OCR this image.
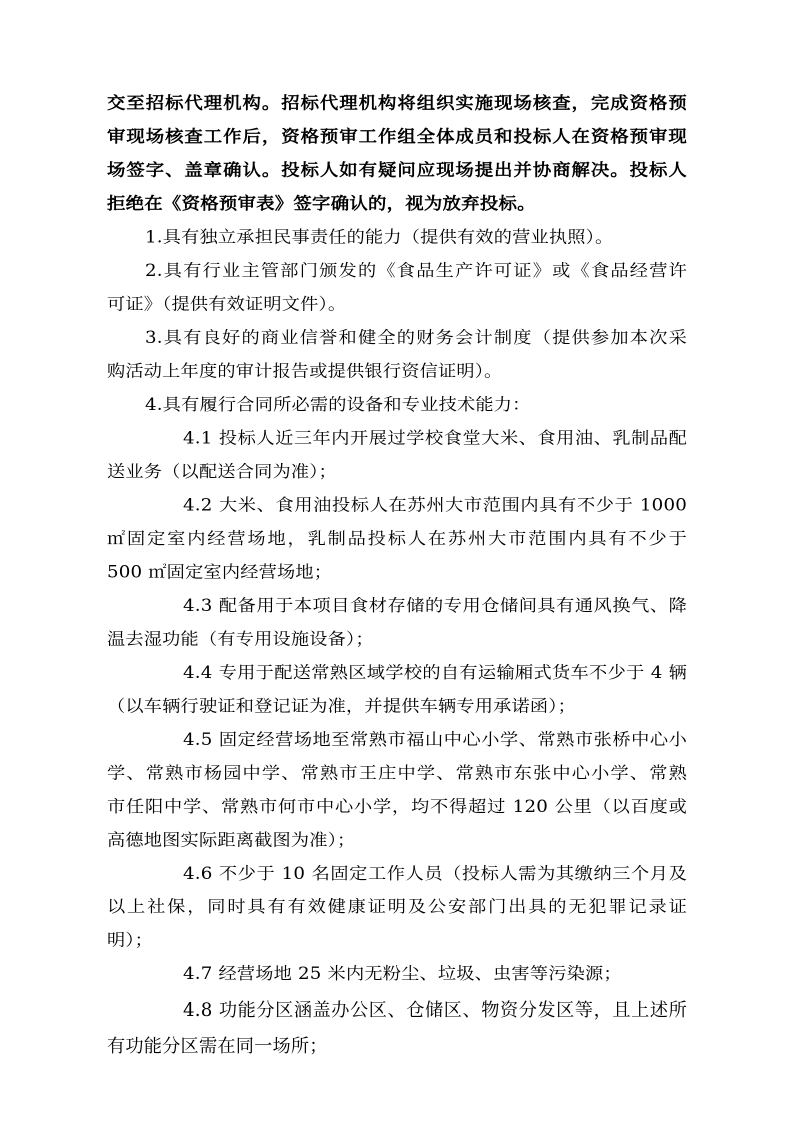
交至招标代理机构。招标代理机构将组织实施现场核查，完成资格预

审现场核查工作后，资格预审工作组全体成员和投标人在资格预审现

场签字、盖章确认。投标人如有疑问应现场提出并协商解决。投标人

拒绝在《资格预审表》签字确认的，视为放弃投标。

1.具有独立承担民事责任的能力（提供有效的营业执照）。

2.具有行业主管部门颁发的《食品生产许可证》或《食品经营许

可证》（提供有效证明文件）。

3.具有良好的商业信誉和健全的财务会计制度（提供参加本次采

购活动上年度的审计报告或提供银行资信证明）。

4.具有履行合同所必需的设备和专业技术能力：

4.1 投标人近三年内开展过学校食堂大米、食用油、乳制品配

送业务（以配送合同为准）；

4.2 大米、食用油投标人在苏州大市范围内具有不少于 1000

㎡固定室内经营场地，乳制品投标人在苏州大市范围内具有不少于

500 ㎡固定室内经营场地；

4.3 配备用于本项目食材存储的专用仓储间具有通风换气、降

温去湿功能（有专用设施设备）；

4.4 专用于配送常熟区域学校的自有运输厢式货车不少于 4 辆

（以车辆行驶证和登记证为准，并提供车辆专用承诺函）；

4.5 固定经营场地至常熟市福山中心小学、常熟市张桥中心小

学、常熟市杨园中学、常熟市王庄中学、常熟市东张中心小学、常熟

市任阳中学、常熟市何市中心小学，均不得超过 120 公里（以百度或

高德地图实际距离截图为准）；

4.6 不少于 10 名固定工作人员（投标人需为其缴纳三个月及

以上社保，同时具有有效健康证明及公安部门出具的无犯罪记录证

明）；

4.7 经营场地 25 米内无粉尘、垃圾、虫害等污染源；

4.8 功能分区涵盖办公区、仓储区、物资分发区等，且上述所

有功能分区需在同一场所；
